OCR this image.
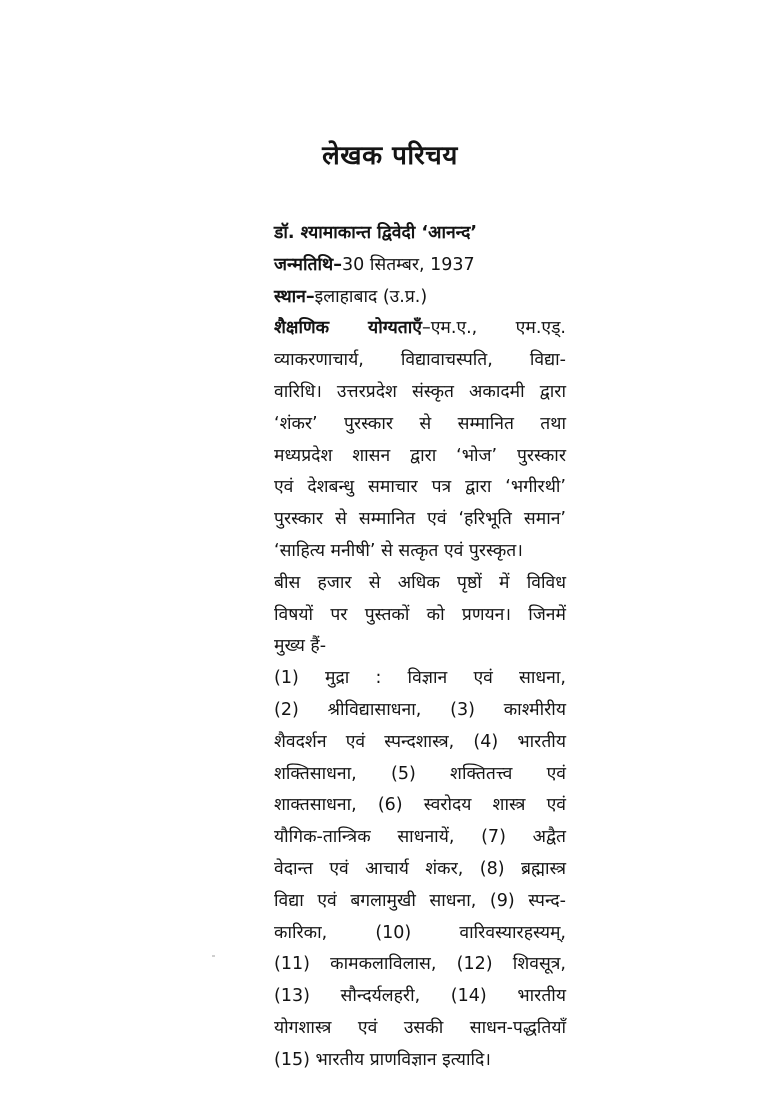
लेखक परिचय
डॉ. श्यामाकान्त द्विवेदी ‘आनन्द’
जन्मतिथि–30 सितम्बर, 1937
स्थान–इलाहाबाद (उ.प्र.)
शैक्षणिक योग्यताएँ–एम.ए., एम.एड्.
व्याकरणाचार्य, विद्यावाचस्पति, विद्या-
वारिधि। उत्तरप्रदेश संस्कृत अकादमी द्वारा
‘शंकर’ पुरस्कार से सम्मानित तथा
मध्यप्रदेश शासन द्वारा ‘भोज’ पुरस्कार
एवं देशबन्धु समाचार पत्र द्वारा ‘भगीरथी’
पुरस्कार से सम्मानित एवं ‘हरिभूति समान’
‘साहित्य मनीषी’ से सत्कृत एवं पुरस्कृत।
बीस हजार से अधिक पृष्ठों में विविध
विषयों पर पुस्तकों को प्रणयन। जिनमें
मुख्य हैं-
(1) मुद्रा : विज्ञान एवं साधना,
(2) श्रीविद्यासाधना, (3) काश्मीरीय
शैवदर्शन एवं स्पन्दशास्त्र, (4) भारतीय
शक्तिसाधना, (5) शक्तितत्त्व एवं
शाक्तसाधना, (6) स्वरोदय शास्त्र एवं
यौगिक-तान्त्रिक साधनायें, (7) अद्वैत
वेदान्त एवं आचार्य शंकर, (8) ब्रह्मास्त्र
विद्या एवं बगलामुखी साधना, (9) स्पन्द-
कारिका, (10) वारिवस्यारहस्यम्,
(11) कामकलाविलास, (12) शिवसूत्र,
(13) सौन्दर्यलहरी, (14) भारतीय
योगशास्त्र एवं उसकी साधन-पद्धतियाँ
(15) भारतीय प्राणविज्ञान इत्यादि।
